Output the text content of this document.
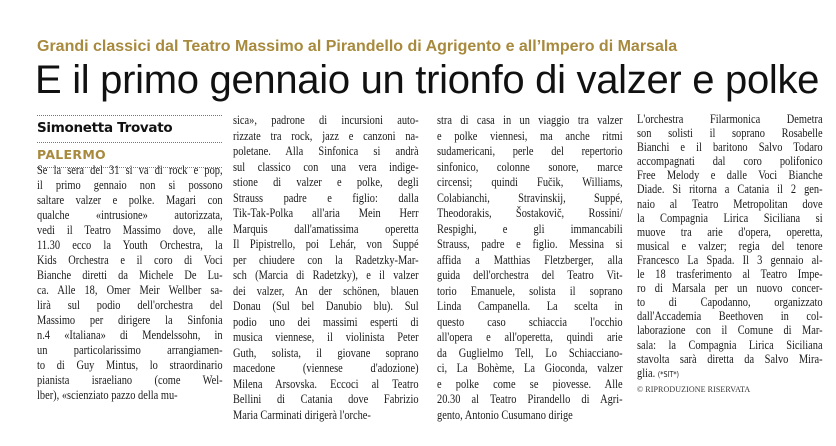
Grandi classici dal Teatro Massimo al Pirandello di Agrigento e all’Impero di Marsala
E il primo gennaio un trionfo di valzer e polke
Simonetta Trovato
PALERMO
Se la sera del 31 si va di rock e pop,
il primo gennaio non si possono
saltare valzer e polke. Magari con
qualche «intrusione» autorizzata,
vedi il Teatro Massimo dove, alle
11.30 ecco la Youth Orchestra, la
Kids Orchestra e il coro di Voci
Bianche diretti da Michele De Lu-
ca. Alle 18, Omer Meir Wellber sa-
lirà sul podio dell'orchestra del
Massimo per dirigere la Sinfonia
n.4 «Italiana» di Mendelssohn, in
un particolarissimo arrangiamen-
to di Guy Mintus, lo straordinario
pianista israeliano (come Wel-
lber), «scienziato pazzo della mu-
sica», padrone di incursioni auto-
rizzate tra rock, jazz e canzoni na-
poletane. Alla Sinfonica si andrà
sul classico con una vera indige-
stione di valzer e polke, degli
Strauss padre e figlio: dalla
Tik-Tak-Polka all'aria Mein Herr
Marquis dall'amatissima operetta
Il Pipistrello, poi Lehár, von Suppé
per chiudere con la Radetzky-Mar-
sch (Marcia di Radetzky), e il valzer
dei valzer, An der schönen, blauen
Donau (Sul bel Danubio blu). Sul
podio uno dei massimi esperti di
musica viennese, il violinista Peter
Guth, solista, il giovane soprano
macedone (viennese d'adozione)
Milena Arsovska. Eccoci al Teatro
Bellini di Catania dove Fabrizio
Maria Carminati dirigerà l'orche-
stra di casa in un viaggio tra valzer
e polke viennesi, ma anche ritmi
sudamericani, perle del repertorio
sinfonico, colonne sonore, marce
circensi; quindi Fučik, Williams,
Colabianchi, Stravinskij, Suppé,
Theodorakis, Šostakovič, Rossini/
Respighi, e gli immancabili
Strauss, padre e figlio. Messina si
affida a Matthias Fletzberger, alla
guida dell'orchestra del Teatro Vit-
torio Emanuele, solista il soprano
Linda Campanella. La scelta in
questo caso schiaccia l'occhio
all'opera e all'operetta, quindi arie
da Guglielmo Tell, Lo Schiacciano-
ci, La Bohème, La Gioconda, valzer
e polke come se piovesse. Alle
20.30 al Teatro Pirandello di Agri-
gento, Antonio Cusumano dirige
L'orchestra Filarmonica Demetra
son solisti il soprano Rosabelle
Bianchi e il baritono Salvo Todaro
accompagnati dal coro polifonico
Free Melody e dalle Voci Bianche
Diade. Si ritorna a Catania il 2 gen-
naio al Teatro Metropolitan dove
la Compagnia Lirica Siciliana si
muove tra arie d'opera, operetta,
musical e valzer; regia del tenore
Francesco La Spada. Il 3 gennaio al-
le 18 trasferimento al Teatro Impe-
ro di Marsala per un nuovo concer-
to di Capodanno, organizzato
dall'Accademia Beethoven in col-
laborazione con il Comune di Mar-
sala: la Compagnia Lirica Siciliana
stavolta sarà diretta da Salvo Mira-
glia. (*SIT*)
© RIPRODUZIONE RISERVATA
